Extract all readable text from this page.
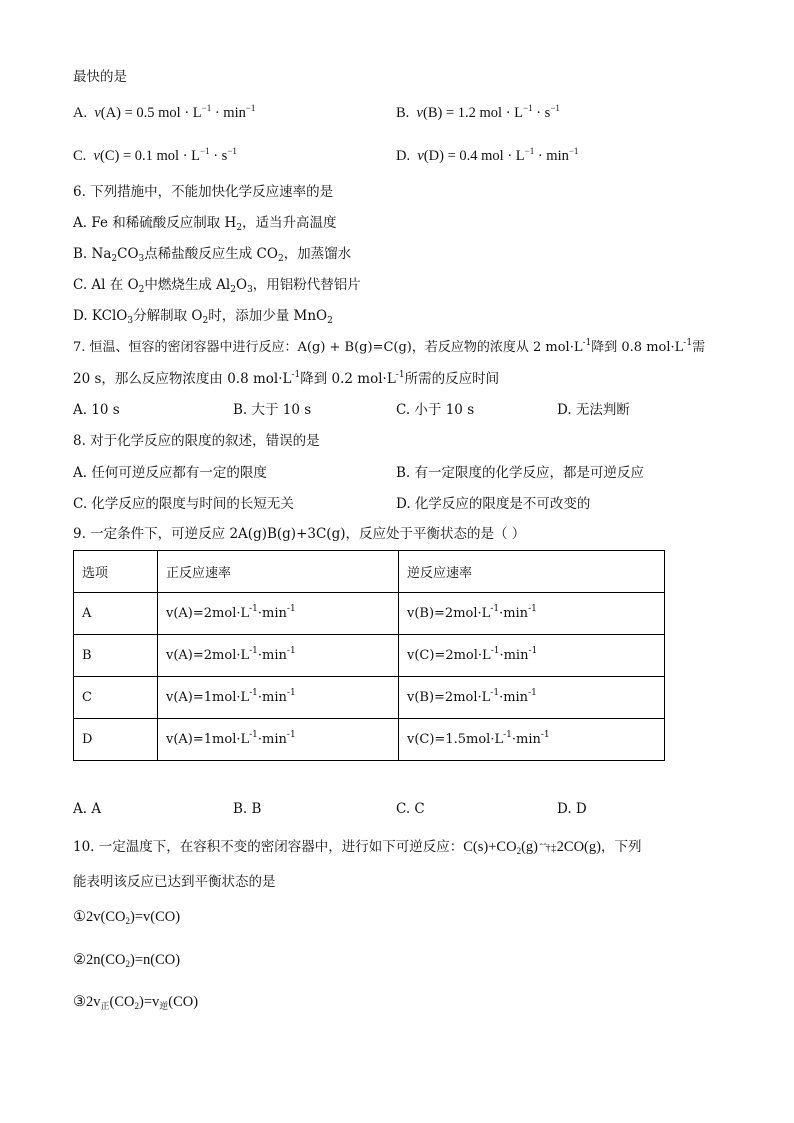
最快的是
A. v(A) = 0.5 mol · $L^{-1} \cdot \min^{-1}$	B. v(B) = 1.2 mol · $L^{-1} \cdot s^{-1}$
C. v(C) = 0.1 mol · $L^{-1} \cdot s^{-1}$	D. v(D) = 0.4 mol · $L^{-1} \cdot \min^{-1}$
6. 下列措施中，不能加快化学反应速率的是
A. Fe 和稀硫酸反应制取 $H_2$，适当升高温度
B. $Na_2CO_3$点稀盐酸反应生成 $CO_2$，加蒸馏水
C. Al 在 $O_2$中燃烧生成 $Al_2O_3$，用铝粉代替铝片
D. KClO$_3$分解制取 $O_2$时，添加少量 MnO$_2$
7. 恒温、恒容的密闭容器中进行反应：A(g) + B(g)=C(g)，若反应物的浓度从 2 $mol\cdot L^{-1}$降到 0.8 $mol\cdot L^{-1}$需
20 s，那么反应物浓度由 0.8 $mol\cdot L^{-1}$降到 0.2 $mol\cdot L^{-1}$所需的反应时间
A. 10 s	B. 大于 10 s	C. 小于 10 s	D. 无法判断
8. 对于化学反应的限度的叙述，错误的是
A. 任何可逆反应都有一定的限度	B. 有一定限度的化学反应，都是可逆反应
C. 化学反应的限度与时间的长短无关	D. 化学反应的限度是不可改变的
9. 一定条件下，可逆反应 2A(g)B(g)+3C(g)，反应处于平衡状态的是（ ）
选项	正反应速率	逆反应速率
A	$v(A)=2mol\cdot L^{-1}\cdot\min^{-1}$	$v(B)=2mol\cdot L^{-1}\cdot\min^{-1}$
B	$v(A)=2mol\cdot L^{-1}\cdot\min^{-1}$	$v(C)=2mol\cdot L^{-1}\cdot\min^{-1}$
C	$v(A)=1mol\cdot L^{-1}\cdot\min^{-1}$	$v(B)=2mol\cdot L^{-1}\cdot\min^{-1}$
D	$v(A)=1mol\cdot L^{-1}\cdot\min^{-1}$	$v(C)=1.5mol\cdot L^{-1}\cdot\min^{-1}$
A. A	B. B	C. C	D. D
10. 一定温度下，在容积不变的密闭容器中，进行如下可逆反应：$C(s)+CO_2(g)$ ˆ ˆ† ‡ 2CO(g)，下列
能表明该反应已达到平衡状态的是
$①2v(CO_2)=v(CO)$
$②2n(CO_2)=n(CO)$
$③2v_正(CO_2)=v_逆(CO)$
